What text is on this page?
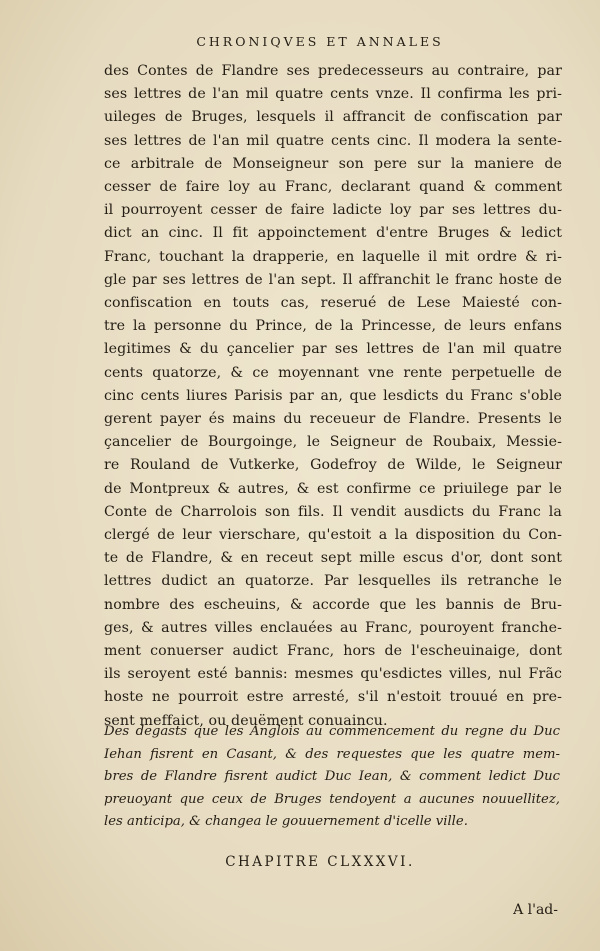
CHRONIQVES ET ANNALES
des Contes de Flandre ses predecesseurs au contraire, par
ses lettres de l'an mil quatre cents vnze. Il confirma les pri-
uileges de Bruges, lesquels il affrancit de confiscation par
ses lettres de l'an mil quatre cents cinc. Il modera la sente-
ce arbitrale de Monseigneur son pere sur la maniere de
cesser de faire loy au Franc, declarant quand & comment
il pourroyent cesser de faire ladicte loy par ses lettres du-
dict an cinc. Il fit appoinctement d'entre Bruges & ledict
Franc, touchant la drapperie, en laquelle il mit ordre & ri-
gle par ses lettres de l'an sept. Il affranchit le franc hoste de
confiscation en touts cas, reserué de Lese Maiesté con-
tre la personne du Prince, de la Princesse, de leurs enfans
legitimes & du çancelier par ses lettres de l'an mil quatre
cents quatorze, & ce moyennant vne rente perpetuelle de
cinc cents liures Parisis par an, que lesdicts du Franc s'oble
gerent payer és mains du receueur de Flandre. Presents le
çancelier de Bourgoinge, le Seigneur de Roubaix, Messie-
re Rouland de Vutkerke, Godefroy de Wilde, le Seigneur
de Montpreux & autres, & est confirme ce priuilege par le
Conte de Charrolois son fils. Il vendit ausdicts du Franc la
clergé de leur vierschare, qu'estoit a la disposition du Con-
te de Flandre, & en receut sept mille escus d'or, dont sont
lettres dudict an quatorze. Par lesquelles ils retranche le
nombre des escheuins, & accorde que les bannis de Bru-
ges, & autres villes enclauées au Franc, pouroyent franche-
ment conuerser audict Franc, hors de l'escheuinaige, dont
ils seroyent esté bannis: mesmes qu'esdictes villes, nul Frãc
hoste ne pourroit estre arresté, s'il n'estoit trouué en pre-
sent meffaict, ou deuëment conuaincu.
Des degasts que les Anglois au commencement du regne du Duc
Iehan fisrent en Casant, & des requestes que les quatre mem-
bres de Flandre fisrent audict Duc Iean, & comment ledict Duc
preuoyant que ceux de Bruges tendoyent a aucunes nouuellitez,
les anticipa, & changea le gouuernement d'icelle ville.
CHAPITRE CLXXXVI.
A l'ad-
